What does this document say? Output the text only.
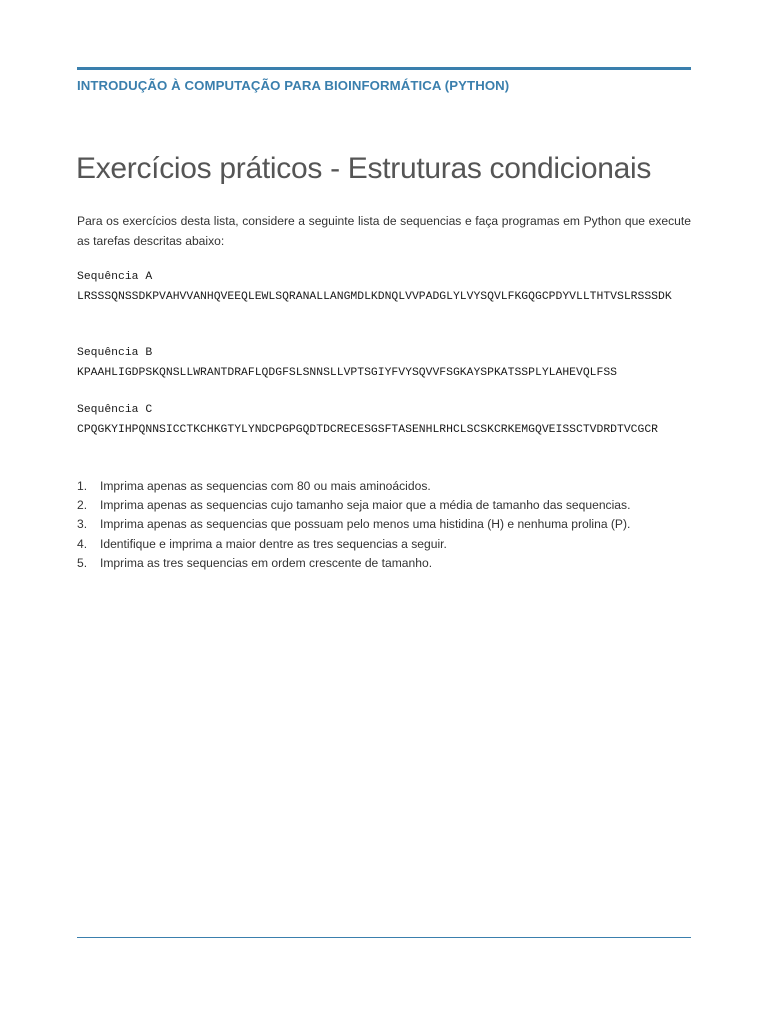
INTRODUÇÃO À COMPUTAÇÃO PARA BIOINFORMÁTICA (PYTHON)
Exercícios práticos - Estruturas condicionais

Para os exercícios desta lista, considere a seguinte lista de sequencias e faça programas em Python que execute as tarefas descritas abaixo:

Sequência A
LRSSSQNSSDKPVAHVVANHQVEEQLEWLSQRANALLANGMDLKDNQLVVPADGLYLVYSQVLFKGQGCPDYVLLTHTVSLRSSSDK
Sequência B
KPAAHLIGDPSKQNSLLWRANTDRAFLQDGFSLSNNSLLVPTSGIYFVYSQVVFSGKAYSPKATSSPLYLAHEVQLFSS
Sequência C
CPQGKYIHPQNNSICCTKCHKGTYLYNDCPGPGQDTDCRECESGSFTASENHLRHCLSCSKCRKEMGQVEISSCTVDRDTVCGCR
1. Imprima apenas as sequencias com 80 ou mais aminoácidos.
2. Imprima apenas as sequencias cujo tamanho seja maior que a média de tamanho das sequencias.
3. Imprima apenas as sequencias que possuam pelo menos uma histidina (H) e nenhuma prolina (P).
4. Identifique e imprima a maior dentre as tres sequencias a seguir.
5. Imprima as tres sequencias em ordem crescente de tamanho.
